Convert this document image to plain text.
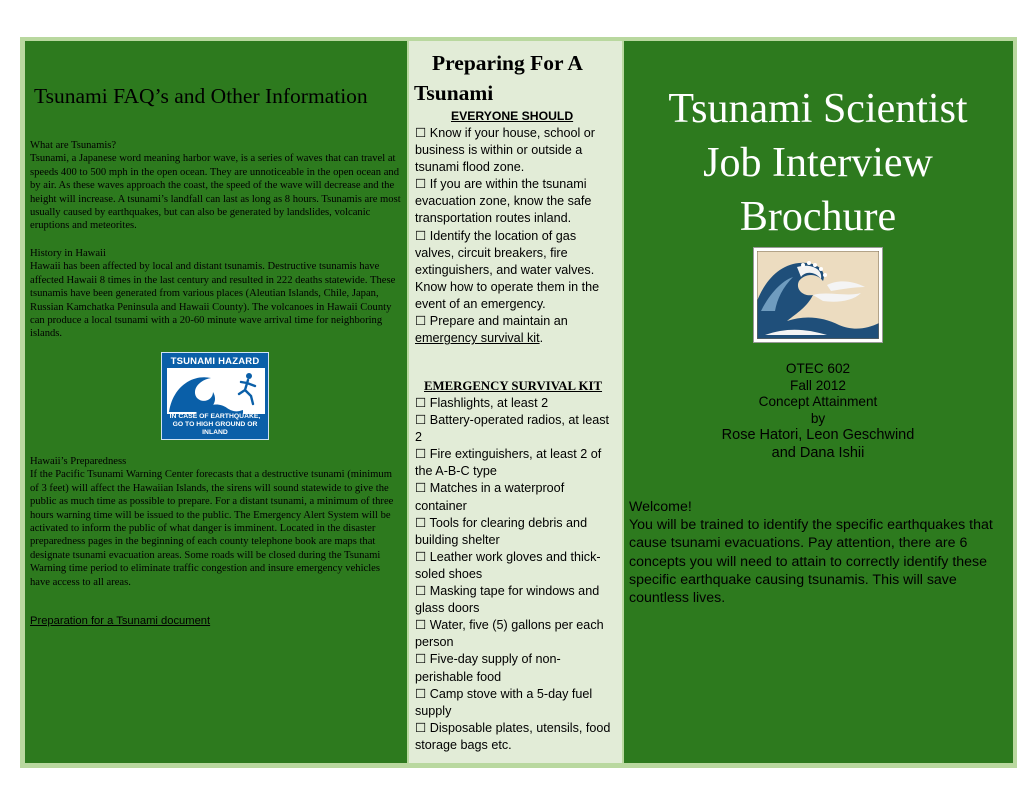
Tsunami FAQ’s and Other Information

What are Tsunamis?
Tsunami, a Japanese word meaning harbor wave, is a series of waves that can travel at speeds 400 to 500 mph in the open ocean. They are unnoticeable in the open ocean and by air. As these waves approach the coast, the speed of the wave will decrease and the height will increase. A tsunami’s landfall can last as long as 8 hours. Tsunamis are most usually caused by earthquakes, but can also be generated by landslides, volcanic eruptions and meteorites.

History in Hawaii
Hawaii has been affected by local and distant tsunamis. Destructive tsunamis have affected Hawaii 8 times in the last century and resulted in 222 deaths statewide. These tsunamis have been generated from various places (Aleutian Islands, Chile, Japan, Russian Kamchatka Peninsula and Hawaii County). The volcanoes in Hawaii County can produce a local tsunami with a 20-60 minute wave arrival time for neighboring islands.

TSUNAMI HAZARD
IN CASE OF EARTHQUAKE, GO TO HIGH GROUND OR INLAND

Hawaii’s Preparedness
If the Pacific Tsunami Warning Center forecasts that a destructive tsunami (minimum of 3 feet) will affect the Hawaiian Islands, the sirens will sound statewide to give the public as much time as possible to prepare. For a distant tsunami, a minimum of three hours warning time will be issued to the public. The Emergency Alert System will be activated to inform the public of what danger is imminent. Located in the disaster preparedness pages in the beginning of each county telephone book are maps that designate tsunami evacuation areas. Some roads will be closed during the Tsunami Warning time period to eliminate traffic congestion and insure emergency vehicles have access to all areas.

Preparation for a Tsunami document
Preparing For A
Tsunami
EVERYONE SHOULD
☐ Know if your house, school or business is within or outside a tsunami flood zone.
☐ If you are within the tsunami evacuation zone, know the safe transportation routes inland.
☐ Identify the location of gas valves, circuit breakers, fire extinguishers, and water valves. Know how to operate them in the event of an emergency.
☐ Prepare and maintain an emergency survival kit.
EMERGENCY SURVIVAL KIT
☐ Flashlights, at least 2
☐ Battery-operated radios, at least 2
☐ Fire extinguishers, at least 2 of the A-B-C type
☐ Matches in a waterproof container
☐ Tools for clearing debris and building shelter
☐ Leather work gloves and thick-soled shoes
☐ Masking tape for windows and glass doors
☐ Water, five (5) gallons per each person
☐ Five-day supply of non-perishable food
☐ Camp stove with a 5-day fuel supply
☐ Disposable plates, utensils, food storage bags etc.
Tsunami Scientist
Job Interview
Brochure
OTEC 602
Fall 2012
Concept Attainment
by
Rose Hatori, Leon Geschwind
and Dana Ishii
Welcome!
You will be trained to identify the specific earthquakes that cause tsunami evacuations. Pay attention, there are 6 concepts you will need to attain to correctly identify these specific earthquake causing tsunamis. This will save countless lives.
